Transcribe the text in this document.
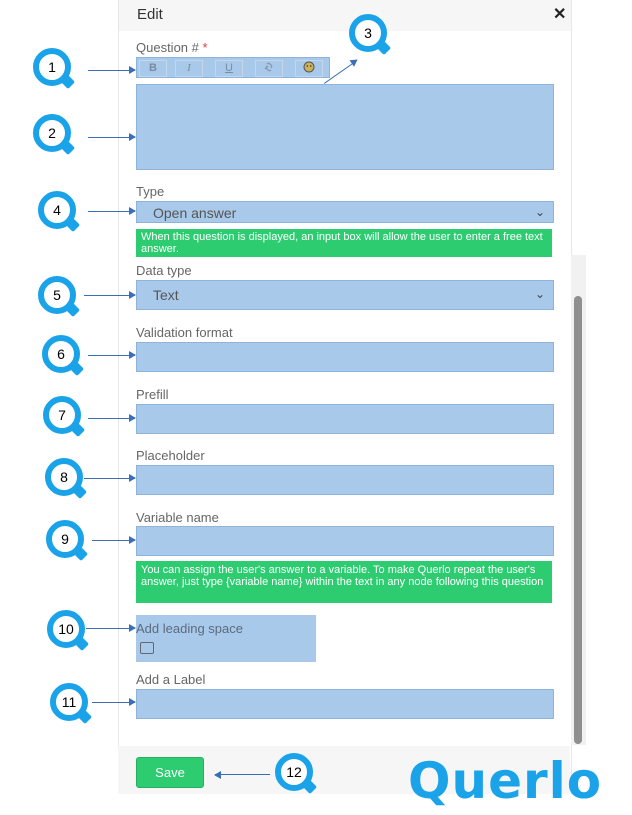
Edit	✕
Question # *
B	I	U
Type
Open answer	⌄
When this question is displayed, an input box will allow the user to enter a free text answer.
Data type
Text	⌄
Validation format
Prefill
Placeholder
Variable name
You can assign the user's answer to a variable. To make Querlo repeat the user's answer, just type {variable name} within the text in any node following this question
Add leading space
Add a Label
Save	Querlo
1
2
3
4
5
6
7
8
9
10
11
12
